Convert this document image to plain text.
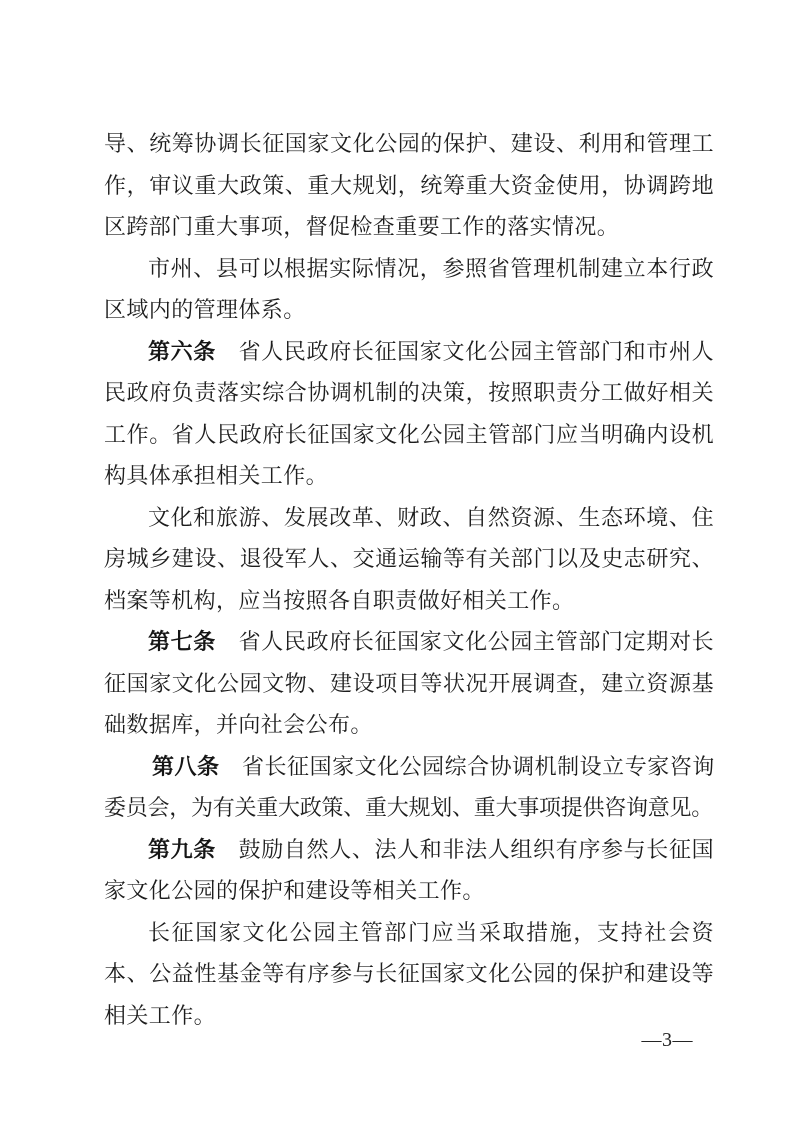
导、统筹协调长征国家文化公园的保护、建设、利用和管理工作，审议重大政策、重大规划，统筹重大资金使用，协调跨地区跨部门重大事项，督促检查重要工作的落实情况。

市州、县可以根据实际情况，参照省管理机制建立本行政区域内的管理体系。

第六条　省人民政府长征国家文化公园主管部门和市州人民政府负责落实综合协调机制的决策，按照职责分工做好相关工作。省人民政府长征国家文化公园主管部门应当明确内设机构具体承担相关工作。

文化和旅游、发展改革、财政、自然资源、生态环境、住房城乡建设、退役军人、交通运输等有关部门以及史志研究、档案等机构，应当按照各自职责做好相关工作。

第七条　省人民政府长征国家文化公园主管部门定期对长征国家文化公园文物、建设项目等状况开展调查，建立资源基础数据库，并向社会公布。

第八条　省长征国家文化公园综合协调机制设立专家咨询委员会，为有关重大政策、重大规划、重大事项提供咨询意见。

第九条　鼓励自然人、法人和非法人组织有序参与长征国家文化公园的保护和建设等相关工作。

长征国家文化公园主管部门应当采取措施，支持社会资本、公益性基金等有序参与长征国家文化公园的保护和建设等相关工作。

—3—
